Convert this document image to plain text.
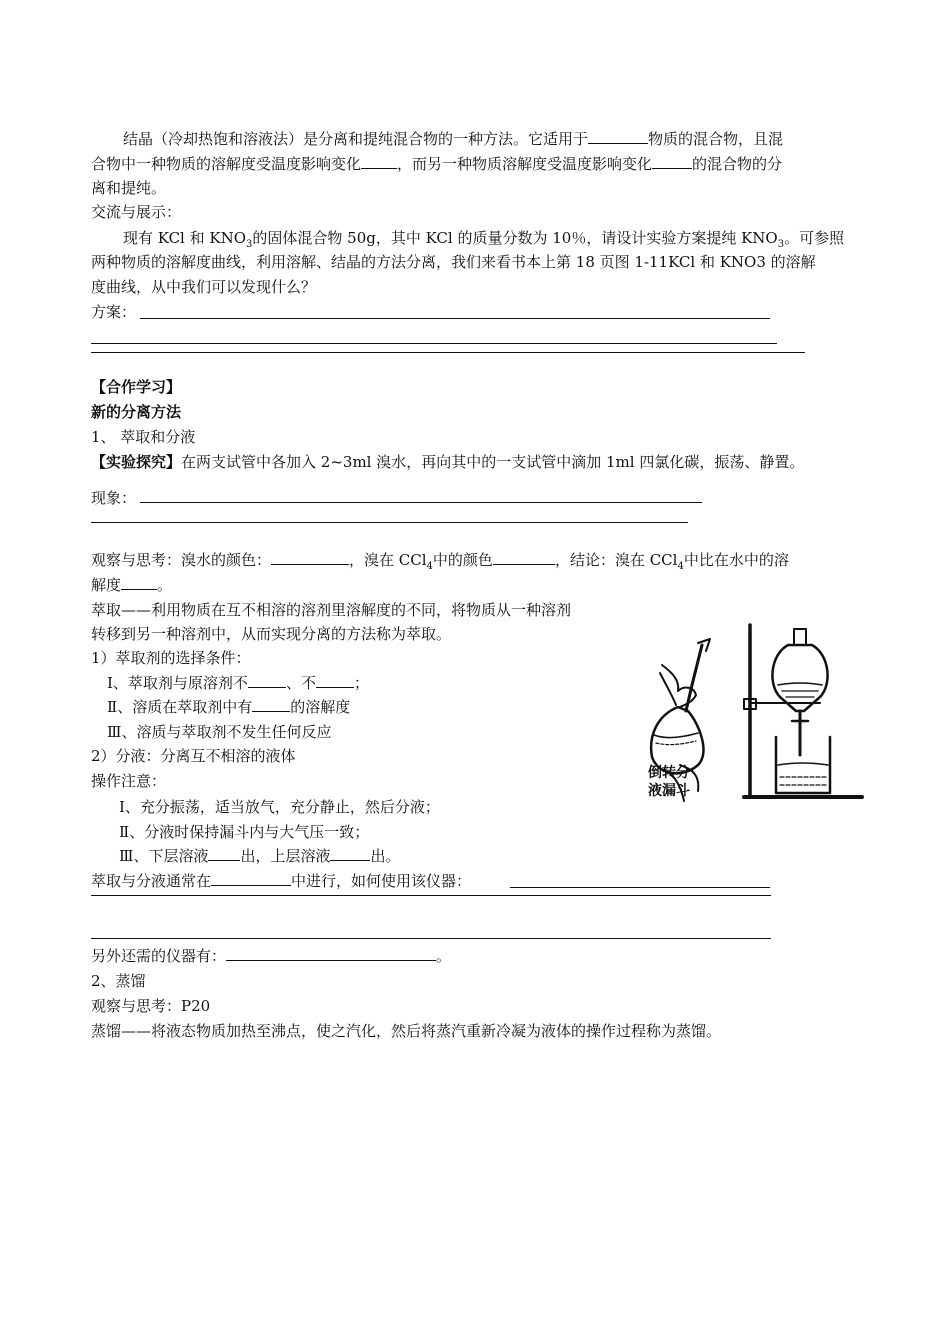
结晶（冷却热饱和溶液法）是分离和提纯混合物的一种方法。它适用于	物质的混合物，且混
合物中一种物质的溶解度受温度影响变化 ，而另一种物质溶解度受温度影响变化	的混合物的分
离和提纯。
交流与展示：
现有 KCl 和 $KNO_3$的固体混合物 50g，其中 KCl 的质量分数为 10％，请设计实验方案提纯 $KNO_3$。可参照
两种物质的溶解度曲线，利用溶解、结晶的方法分离，我们来看书本上第 18 页图 1-11KCl 和 KNO3 的溶解
度曲线，从中我们可以发现什么？
方案：
【合作学习】
新的分离方法
1、 萃取和分液
【实验探究】在两支试管中各加入 2~3ml 溴水，再向其中的一支试管中滴加 1ml 四氯化碳，振荡、静置。
现象：
观察与思考：溴水的颜色：	，溴在 CCl$_4$中的颜色	，结论：溴在 CCl$_4$中比在水中的溶
解度 。
萃取——利用物质在互不相溶的溶剂里溶解度的不同，将物质从一种溶剂
转移到另一种溶剂中，从而实现分离的方法称为萃取。
1）萃取剂的选择条件：
Ⅰ、萃取剂与原溶剂不	、不	；
Ⅱ、溶质在萃取剂中有	的溶解度
Ⅲ、溶质与萃取剂不发生任何反应
2）分液：分离互不相溶的液体
操作注意：
Ⅰ、充分振荡，适当放气，充分静止，然后分液；
Ⅱ、分液时保持漏斗内与大气压一致；
Ⅲ、下层溶液 出，上层溶液	出。
萃取与分液通常在	中进行，如何使用该仪器：
另外还需的仪器有：	。
2、蒸馏
观察与思考：P20
蒸馏——将液态物质加热至沸点，使之汽化，然后将蒸汽重新冷凝为液体的操作过程称为蒸馏。
倒转分
液漏斗
